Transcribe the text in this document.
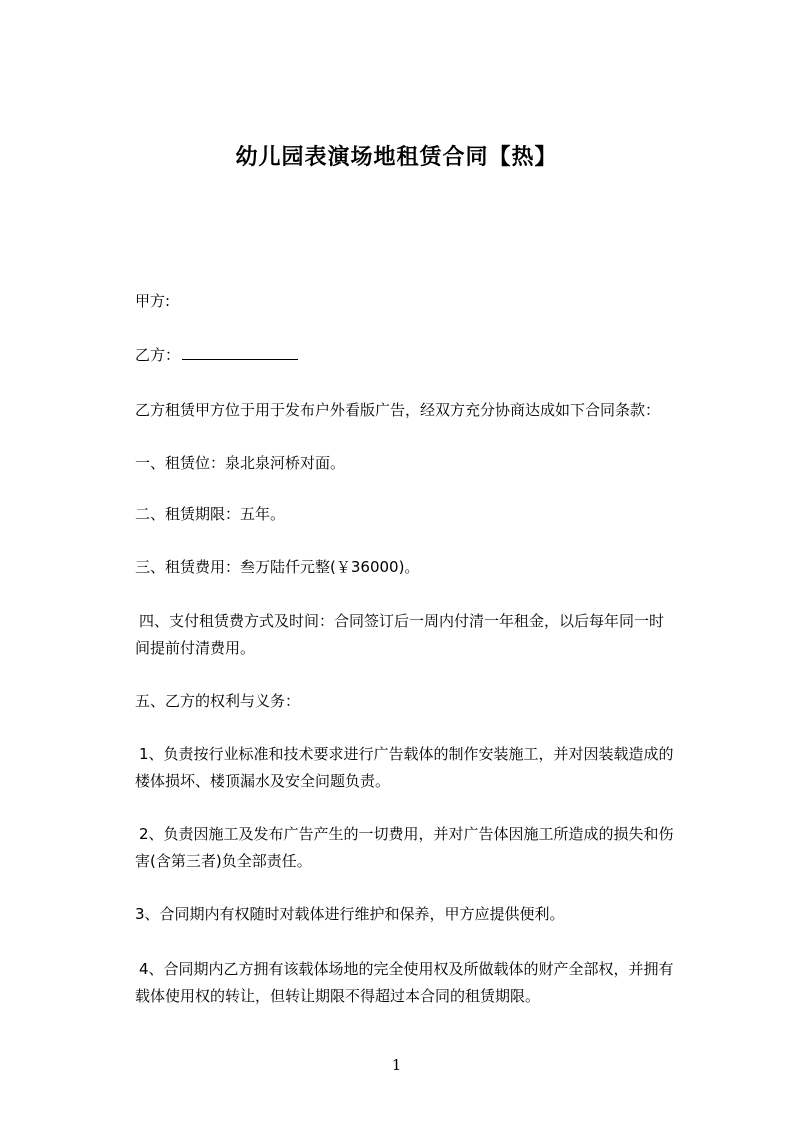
幼儿园表演场地租赁合同【热】
甲方:
乙方：
乙方租赁甲方位于用于发布户外看版广告，经双方充分协商达成如下合同条款：
一、租赁位：泉北泉河桥对面。
二、租赁期限：五年。
三、租赁费用：叁万陆仟元整(￥36000)。
四、支付租赁费方式及时间：合同签订后一周内付清一年租金，以后每年同一时
间提前付清费用。
五、乙方的权利与义务：
1、负责按行业标准和技术要求进行广告载体的制作安装施工，并对因装载造成的
楼体损坏、楼顶漏水及安全问题负责。
2、负责因施工及发布广告产生的一切费用，并对广告体因施工所造成的损失和伤
害(含第三者)负全部责任。
3、合同期内有权随时对载体进行维护和保养，甲方应提供便利。
4、合同期内乙方拥有该载体场地的完全使用权及所做载体的财产全部权，并拥有
载体使用权的转让，但转让期限不得超过本合同的租赁期限。
1
